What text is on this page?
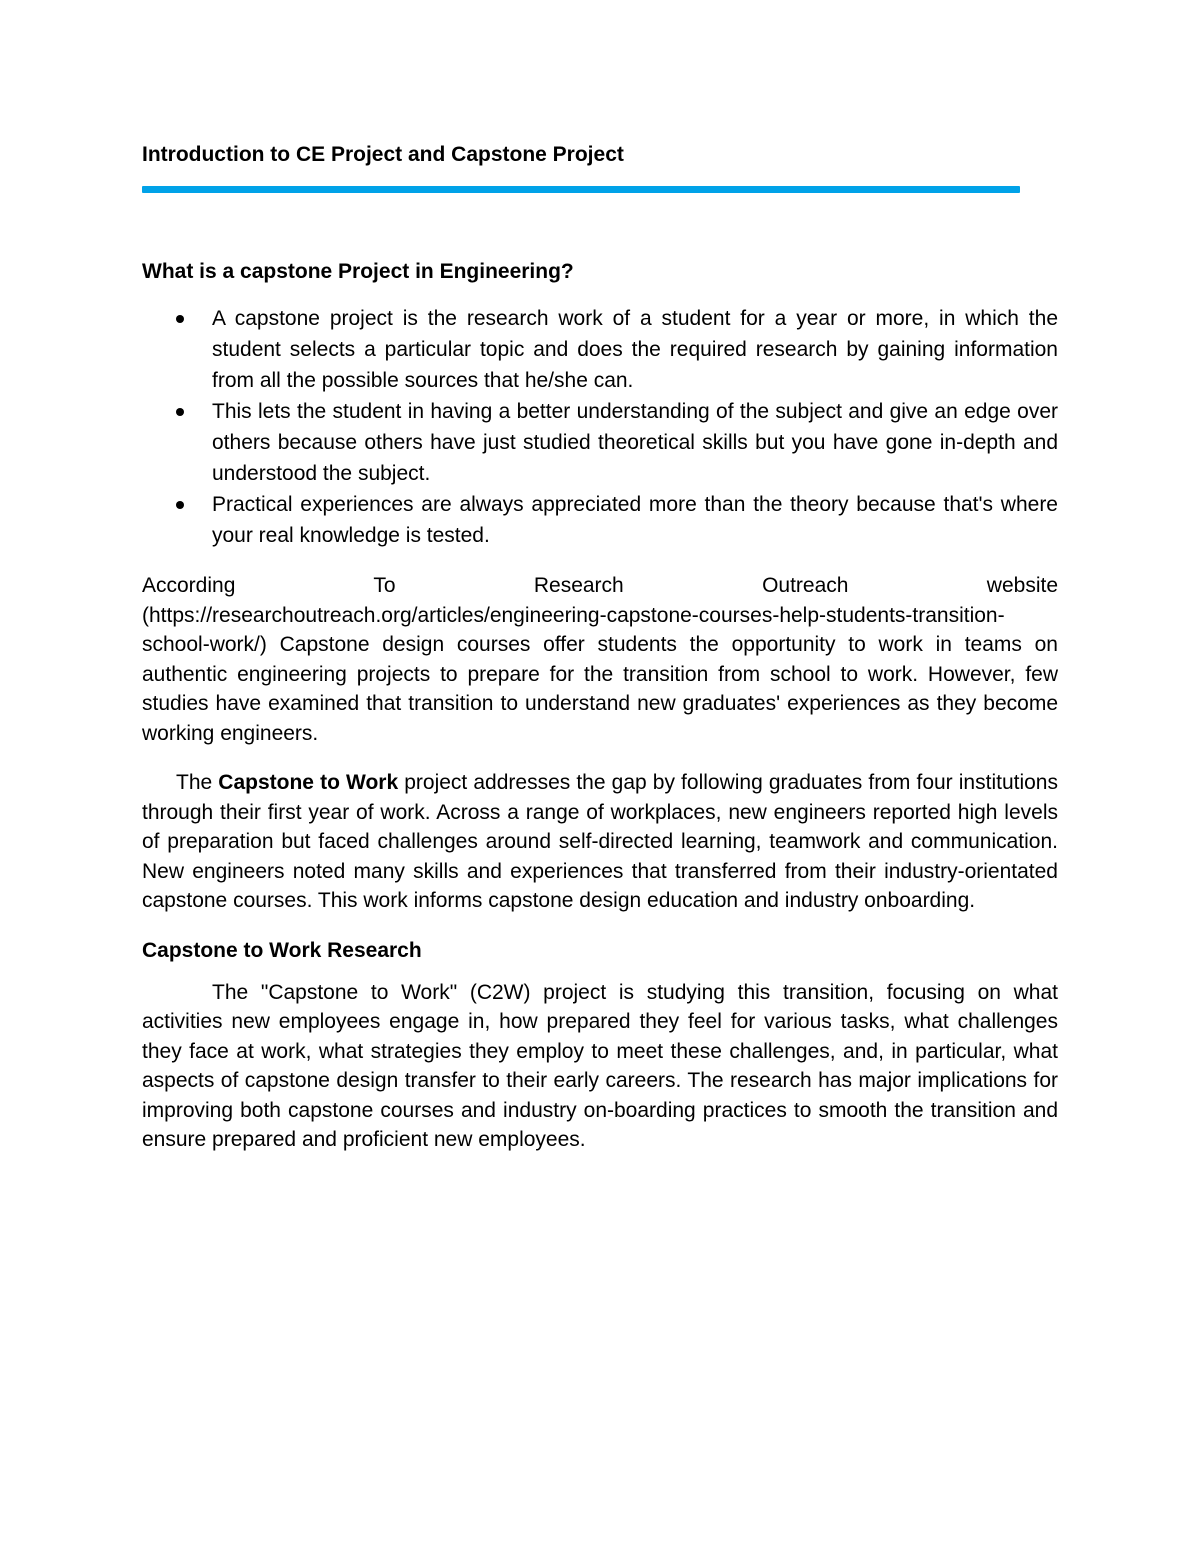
Introduction to CE Project and Capstone Project
What is a capstone Project in Engineering?
A capstone project is the research work of a student for a year or more, in which the student selects a particular topic and does the required research by gaining information from all the possible sources that he/she can.
This lets the student in having a better understanding of the subject and give an edge over others because others have just studied theoretical skills but you have gone in-depth and understood the subject.
Practical experiences are always appreciated more than the theory because that's where your real knowledge is tested.

According To Research Outreach website

(https://researchoutreach.org/articles/engineering-capstone-courses-help-students-transition-school-work/) Capstone design courses offer students the opportunity to work in teams on authentic engineering projects to prepare for the transition from school to work. However, few studies have examined that transition to understand new graduates' experiences as they become working engineers.

The Capstone to Work project addresses the gap by following graduates from four institutions through their first year of work. Across a range of workplaces, new engineers reported high levels of preparation but faced challenges around self-directed learning, teamwork and communication. New engineers noted many skills and experiences that transferred from their industry-orientated capstone courses. This work informs capstone design education and industry onboarding.

Capstone to Work Research

The "Capstone to Work" (C2W) project is studying this transition, focusing on what activities new employees engage in, how prepared they feel for various tasks, what challenges they face at work, what strategies they employ to meet these challenges, and, in particular, what aspects of capstone design transfer to their early careers. The research has major implications for improving both capstone courses and industry on-boarding practices to smooth the transition and ensure prepared and proficient new employees.
